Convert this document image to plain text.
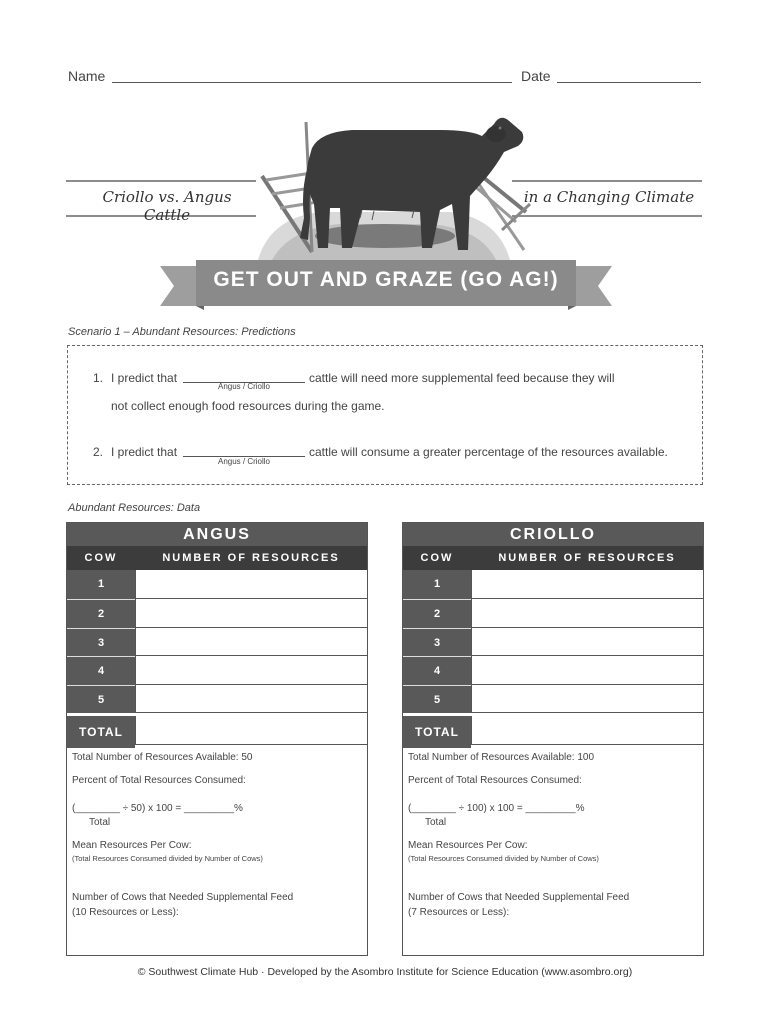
Name	Date
Criollo vs. Angus Cattle
in a Changing Climate
GET OUT AND GRAZE (GO AG!)
Scenario 1 – Abundant Resources: Predictions
1. I predict that
Angus / Criollo
cattle will need more supplemental feed because they will
not collect enough food resources during the game.
2. I predict that
Angus / Criollo
cattle will consume a greater percentage of the resources available.
Abundant Resources: Data
ANGUS
COW	NUMBER OF RESOURCES
1
2
3
4
5
TOTAL
Total Number of Resources Available: 50
Percent of Total Resources Consumed:
(________ ÷ 50) x 100 = _________%
Total
Mean Resources Per Cow:
(Total Resources Consumed divided by Number of Cows)
Number of Cows that Needed Supplemental Feed
(10 Resources or Less):
CRIOLLO
COW	NUMBER OF RESOURCES
1
2
3
4
5
TOTAL
Total Number of Resources Available: 100
Percent of Total Resources Consumed:
(________ ÷ 100) x 100 = _________%
Total
Mean Resources Per Cow:
(Total Resources Consumed divided by Number of Cows)
Number of Cows that Needed Supplemental Feed
(7 Resources or Less):
© Southwest Climate Hub · Developed by the Asombro Institute for Science Education (www.asombro.org)
